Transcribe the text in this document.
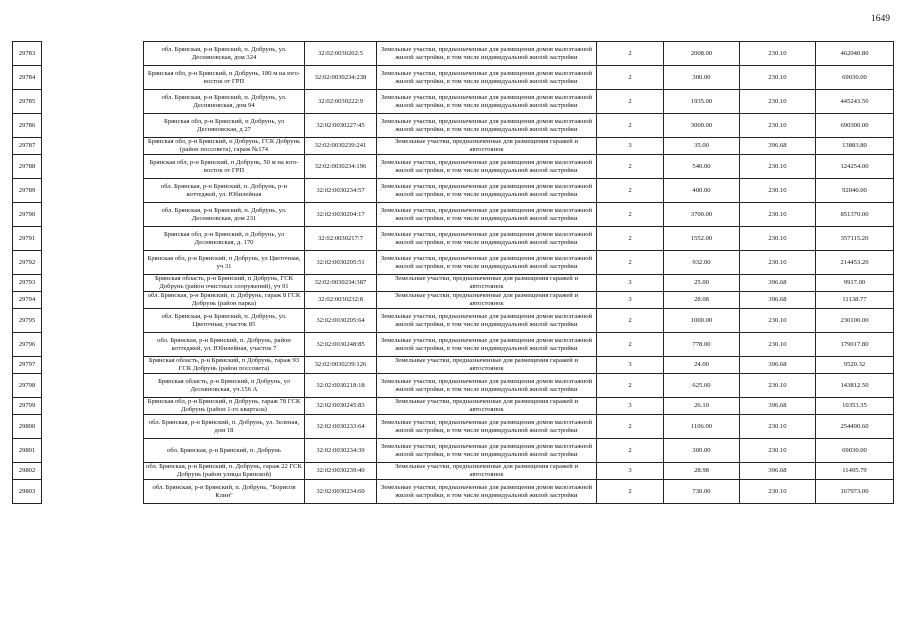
1649
29783		обл. Брянская, р-н Брянский, п. Добрунь, ул. Десняновская, дом 324	32:02:0030202:5	Земельные участки, предназначенные для размещения домов малоэтажной жилой застройки, в том числе индивидуальной жилой застройки	2	2008.00	230.10	462040.80
29784		Брянская обл, р-н Брянский, п Добрунь, 180 м на юго-восток от ГРП	32:02:0030234:238	Земельные участки, предназначенные для размещения домов малоэтажной жилой застройки, в том числе индивидуальной жилой застройки	2	300.00	230.10	69030.00
29785		обл. Брянская, р-н Брянский, п. Добрунь, ул. Десняновская, дом 94	32:02:0030222:9	Земельные участки, предназначенные для размещения домов малоэтажной жилой застройки, в том числе индивидуальной жилой застройки	2	1935.00	230.10	445243.50
29786		Брянская обл, р-н Брянский, п Добрунь, ул Десняновская, д 27	32:02:0030227:45	Земельные участки, предназначенные для размещения домов малоэтажной жилой застройки, в том числе индивидуальной жилой застройки	2	3000.00	230.10	690300.00
29787		Брянская обл, р-н Брянский, п Добрунь, ГСК Добрунь (район поссовета), гараж №174	32:02:0030239:241	Земельные участки, предназначенные для размещения гаражей и автостоянок	3	35.00	396.68	13883.80
29788		Брянская обл, р-н Брянский, п Добрунь, 50 м на юго-восток от ГРП	32:02:0030234:196	Земельные участки, предназначенные для размещения домов малоэтажной жилой застройки, в том числе индивидуальной жилой застройки	2	540.00	230.10	124254.00
29789		обл. Брянская, р-н Брянский, п. Добрунь, р-н коттеджей, ул. Юбилейная	32:02:0030234:57	Земельные участки, предназначенные для размещения домов малоэтажной жилой застройки, в том числе индивидуальной жилой застройки	2	400.00	230.10	92040.00
29790		обл. Брянская, р-н Брянский, п. Добрунь, ул. Десняновская, дом 231	32:02:0030204:17	Земельные участки, предназначенные для размещения домов малоэтажной жилой застройки, в том числе индивидуальной жилой застройки	2	3700.00	230.10	851370.00
29791		Брянская обл, р-н Брянский, п Добрунь, ул Десняновская, д. 170	32:02:0030217:7	Земельные участки, предназначенные для размещения домов малоэтажной жилой застройки, в том числе индивидуальной жилой застройки	2	1552.00	230.10	357115.20
29792		Брянская обл, р-н Брянский, п Добрунь, ул Цветочная, уч 31	32:02:0030205:51	Земельные участки, предназначенные для размещения домов малоэтажной жилой застройки, в том числе индивидуальной жилой застройки	2	932.00	230.10	214453.20
29793		Брянская область, р-н Брянский, п Добрунь, ГСК Добрунь (район очистных сооружений), уч 91	32:02:0030234:387	Земельные участки, предназначенные для размещения гаражей и автостоянок	3	25.00	396.68	9917.00
29794		обл. Брянская, р-н Брянский, п. Добрунь, гараж 8 ГСК Добрунь (район парка)	32:02:0030232:8	Земельные участки, предназначенные для размещения гаражей и автостоянок	3	28.08	396.68	11138.77
29795		обл. Брянская, р-н Брянский, п. Добрунь, ул. Цветочная, участок 85	32:02:0030205:64	Земельные участки, предназначенные для размещения домов малоэтажной жилой застройки, в том числе индивидуальной жилой застройки	2	1000.00	230.10	230100.00
29796		обл. Брянская, р-н Брянский, п. Добрунь, район коттеджей, ул. Юбилейная, участок 7	32:02:0030248:85	Земельные участки, предназначенные для размещения домов малоэтажной жилой застройки, в том числе индивидуальной жилой застройки	2	778.00	230.10	179017.80
29797		Брянская область, р-н Брянский, п Добрунь, гараж 93 ГСК Добрунь (район поссовета)	32:02:0030239:126	Земельные участки, предназначенные для размещения гаражей и автостоянок	3	24.00	396.68	9520.32
29798		Брянская область, р-н Брянский, п Добрунь, ул Десняновская, уч.156 А	32:02:0030218:18	Земельные участки, предназначенные для размещения домов малоэтажной жилой застройки, в том числе индивидуальной жилой застройки	2	625.00	230.10	143812.50
29799		Брянская обл, р-н Брянский, п Добрунь, гараж 78 ГСК Добрунь (район 1-го квартала)	32:02:0030245:83	Земельные участки, предназначенные для размещения гаражей и автостоянок	3	26.10	396.68	10353.35
29800		обл. Брянская, р-н Брянский, п. Добрунь, ул. Зеленая, дом 18	32:02:0030233:64	Земельные участки, предназначенные для размещения домов малоэтажной жилой застройки, в том числе индивидуальной жилой застройки	2	1106.00	230.10	254490.60
29801		обл. Брянская, р-н Брянский, п. Добрунь	32:02:0030234:39	Земельные участки, предназначенные для размещения домов малоэтажной жилой застройки, в том числе индивидуальной жилой застройки	2	300.00	230.10	69030.00
29802		обл. Брянская, р-н Брянский, п. Добрунь, гараж 22 ГСК Добрунь (район улицы Брянской)	32:02:0030239:40	Земельные участки, предназначенные для размещения гаражей и автостоянок	3	28.98	396.68	11495.79
29803		обл. Брянская, р-н Брянский, п. Добрунь, "Борисов Клин"	32:02:0030234:60	Земельные участки, предназначенные для размещения домов малоэтажной жилой застройки, в том числе индивидуальной жилой застройки	2	730.00	230.10	167973.00
